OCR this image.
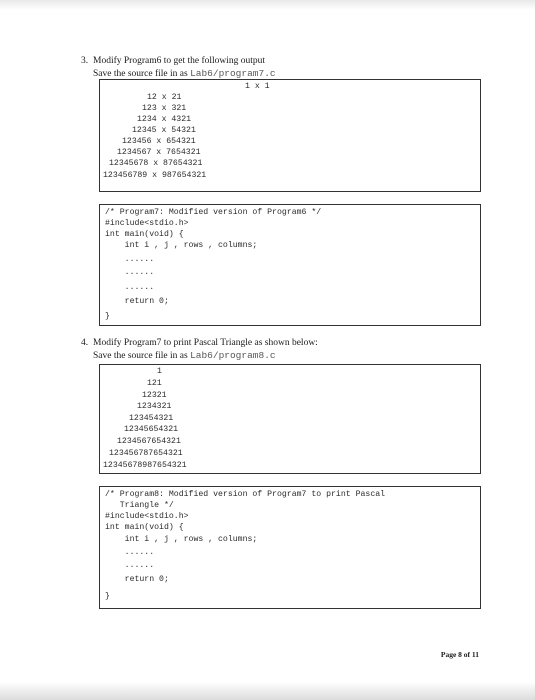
3. Modify Program6 to get the following output
Save the source file in as Lab6/program7.c
1 x 1
12 x 21
123 x 321
1234 x 4321
12345 x 54321
123456 x 654321
1234567 x 7654321
12345678 x 87654321
123456789 x 987654321
/* Program7: Modified version of Program6 */
#include<stdio.h>
int main(void) {
int i , j , rows , columns;
......
......
......
return 0;
}
4. Modify Program7 to print Pascal Triangle as shown below:
Save the source file in as Lab6/program8.c
1
121
12321
1234321
123454321
12345654321
1234567654321
123456787654321
12345678987654321
/* Program8: Modified version of Program7 to print Pascal
Triangle */
#include<stdio.h>
int main(void) {
int i , j , rows , columns;
......
......
return 0;
}
Page 8 of 11
